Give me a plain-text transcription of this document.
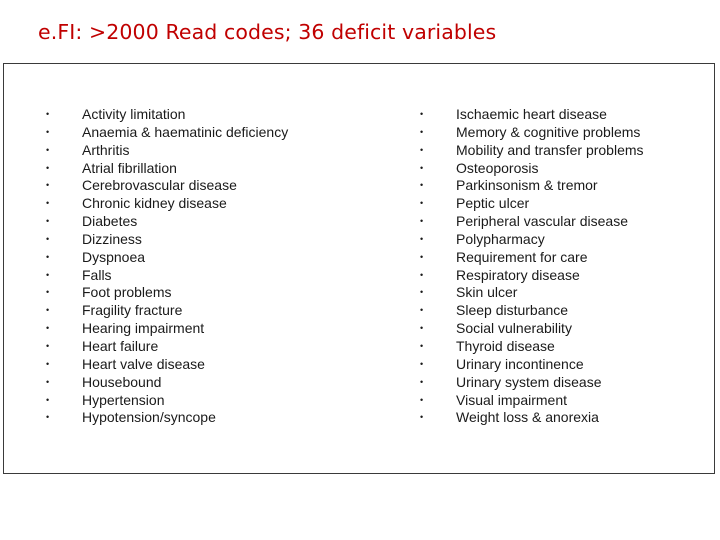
e.FI: >2000 Read codes; 36 deficit variables
• Activity limitation
• Anaemia & haematinic deficiency
• Arthritis
• Atrial fibrillation
• Cerebrovascular disease
• Chronic kidney disease
• Diabetes
• Dizziness
• Dyspnoea
• Falls
• Foot problems
• Fragility fracture
• Hearing impairment
• Heart failure
• Heart valve disease
• Housebound
• Hypertension
• Hypotension/syncope
• Ischaemic heart disease
• Memory & cognitive problems
• Mobility and transfer problems
• Osteoporosis
• Parkinsonism & tremor
• Peptic ulcer
• Peripheral vascular disease
• Polypharmacy
• Requirement for care
• Respiratory disease
• Skin ulcer
• Sleep disturbance
• Social vulnerability
• Thyroid disease
• Urinary incontinence
• Urinary system disease
• Visual impairment
• Weight loss & anorexia
